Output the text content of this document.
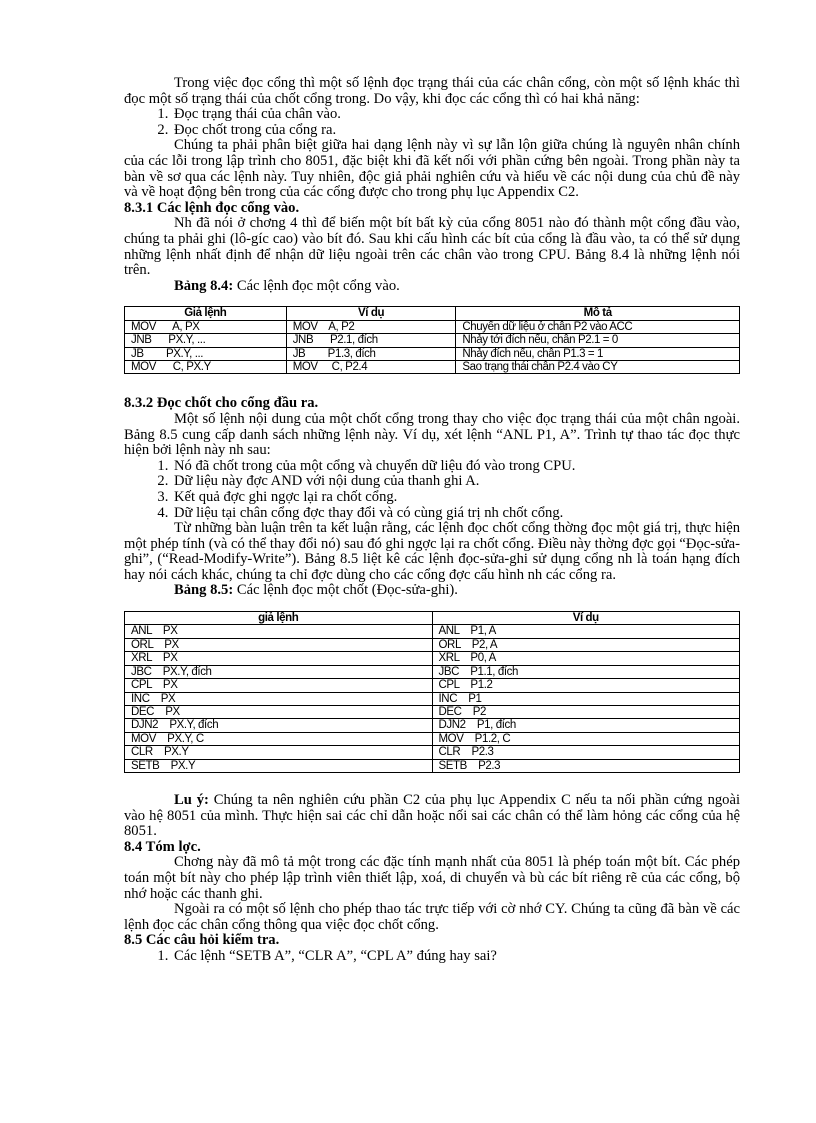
Trong việc đọc cổng thì một số lệnh đọc trạng thái của các chân cổng, còn một số lệnh khác thì đọc một số trạng thái của chốt cổng trong. Do vậy, khi đọc các cổng thì có hai khả năng:

1. Đọc trạng thái của chân vào.
2. Đọc chốt trong của cổng ra.

Chúng ta phải phân biệt giữa hai dạng lệnh này vì sự lẫn lộn giữa chúng là nguyên nhân chính của các lỗi trong lập trình cho 8051, đặc biệt khi đã kết nối với phần cứng bên ngoài. Trong phần này ta bàn về sơ qua các lệnh này. Tuy nhiên, độc giả phải nghiên cứu và hiểu về các nội dung của chủ đề này và về hoạt động bên trong của các cổng được cho trong phụ lục Appendix C2.

8.3.1 Các lệnh đọc cổng vào.

Nh đã nói ở chơng 4 thì để biến một bít bất kỳ của cổng 8051 nào đó thành một cổng đầu vào, chúng ta phải ghi (lô-gíc cao) vào bít đó. Sau khi cấu hình các bít của cổng là đầu vào, ta có thể sử dụng những lệnh nhất định để nhận dữ liệu ngoài trên các chân vào trong CPU. Bảng 8.4 là những lệnh nói trên.

Bảng 8.4: Các lệnh đọc một cổng vào.

Giả lệnh	Ví dụ	Mô tả
MOV      A, PX	MOV    A, P2	Chuyển dữ liệu ở chân P2 vào ACC
JNB      PX.Y, ...	JNB      P2.1, đích	Nhảy tới đích nếu, chân P2.1 = 0
JB        PX.Y, ...	JB        P1.3, đích	Nhảy đích nếu, chân P1.3 = 1
MOV      C, PX.Y	MOV     C, P2.4	Sao trạng thái chân P2.4 vào CY
8.3.2 Đọc chốt cho cổng đầu ra.

Một số lệnh nội dung của một chốt cổng trong thay cho việc đọc trạng thái của một chân ngoài. Bảng 8.5 cung cấp danh sách những lệnh này. Ví dụ, xét lệnh “ANL P1, A”. Trình tự thao tác đọc thực hiện bởi lệnh này nh sau:

1. Nó đã chốt trong của một cổng và chuyển dữ liệu đó vào trong CPU.
2. Dữ liệu này đợc AND với nội dung của thanh ghi A.
3. Kết quả đợc ghi ngợc lại ra chốt cổng.
4. Dữ liệu tại chân cổng đợc thay đổi và có cùng giá trị nh chốt cổng.

Từ những bàn luận trên ta kết luận rằng, các lệnh đọc chốt cổng thờng đọc một giá trị, thực hiện một phép tính (và có thể thay đổi nó) sau đó ghi ngợc lại ra chốt cổng. Điều này thờng đợc gọi “Đọc-sửa-ghi”, (“Read-Modify-Write”). Bảng 8.5 liệt kê các lệnh đọc-sửa-ghi sử dụng cổng nh là toán hạng đích hay nói cách khác, chúng ta chỉ đợc dùng cho các cổng đợc cấu hình nh các cổng ra.

Bảng 8.5: Các lệnh đọc một chốt (Đọc-sửa-ghi).

giả lệnh	Ví dụ
ANL    PX	ANL    P1, A
ORL    PX	ORL    P2, A
XRL    PX	XRL    P0, A
JBC    PX.Y, đích	JBC    P1.1, đích
CPL    PX	CPL    P1.2
INC    PX	INC    P1
DEC    PX	DEC    P2
DJN2    PX.Y, đích	DJN2    P1, đích
MOV    PX.Y, C	MOV    P1.2, C
CLR    PX.Y	CLR    P2.3
SETB    PX.Y	SETB    P2.3

Lu ý: Chúng ta nên nghiên cứu phần C2 của phụ lục Appendix C nếu ta nối phần cứng ngoài vào hệ 8051 của mình. Thực hiện sai các chỉ dẫn hoặc nối sai các chân có thể làm hỏng các cổng của hệ 8051.

8.4 Tóm lợc.

Chơng này đã mô tả một trong các đặc tính mạnh nhất của 8051 là phép toán một bít. Các phép toán một bít này cho phép lập trình viên thiết lập, xoá, di chuyển và bù các bít riêng rẽ của các cổng, bộ nhớ hoặc các thanh ghi.

Ngoài ra có một số lệnh cho phép thao tác trực tiếp với cờ nhớ CY. Chúng ta cũng đã bàn về các lệnh đọc các chân cổng thông qua việc đọc chốt cổng.

8.5 Các câu hỏi kiểm tra.
1. Các lệnh “SETB A”, “CLR A”, “CPL A” đúng hay sai?
